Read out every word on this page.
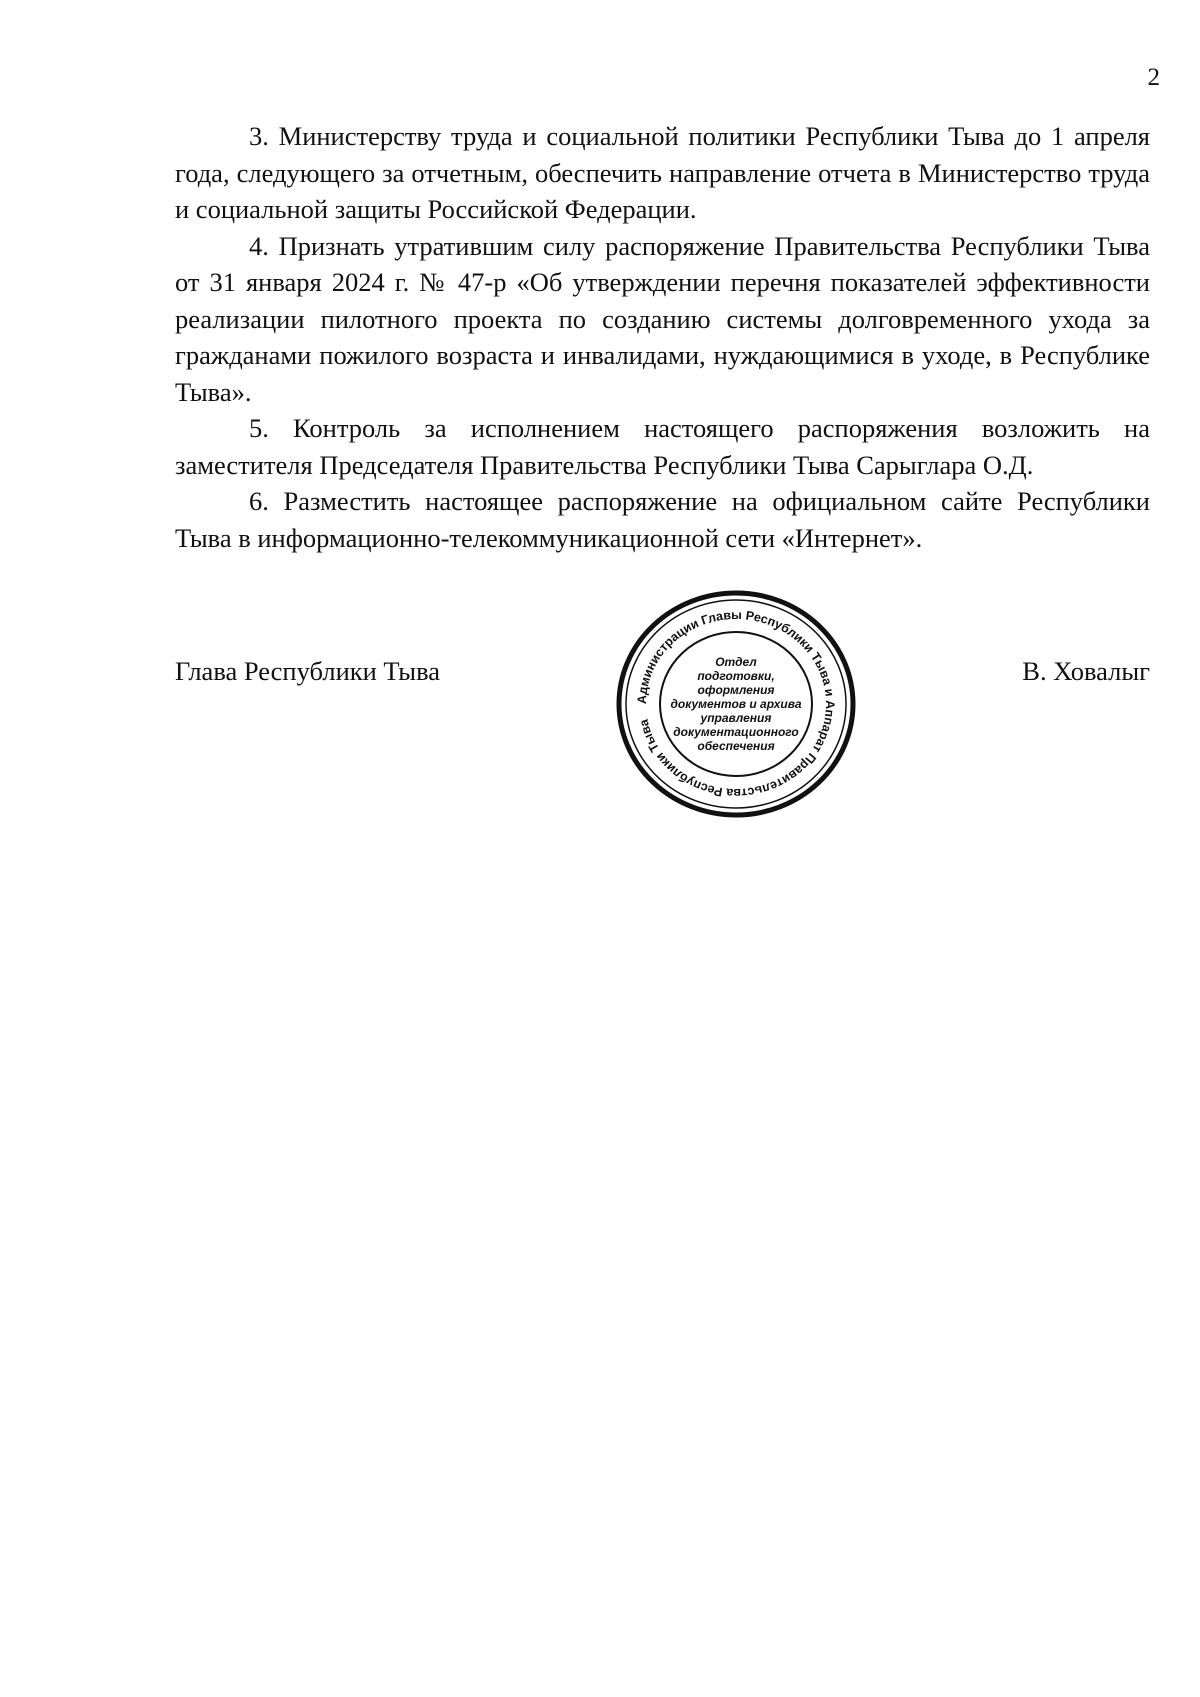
2

3. Министерству труда и социальной политики Республики Тыва до 1 апреля года, следующего за отчетным, обеспечить направление отчета в Министерство труда и социальной защиты Российской Федерации.

4. Признать утратившим силу распоряжение Правительства Республики Тыва от 31 января 2024 г. № 47-р «Об утверждении перечня показателей эффективности реализации пилотного проекта по созданию системы долговременного ухода за гражданами пожилого возраста и инвалидами, нуждающимися в уходе, в Республике Тыва».

5. Контроль за исполнением настоящего распоряжения возложить на заместителя Председателя Правительства Республики Тыва Сарыглара О.Д.

6. Разместить настоящее распоряжение на официальном сайте Республики Тыва в информационно-телекоммуникационной сети «Интернет».

Глава Республики Тыва	В. Ховалыг
Администрации Главы Республики Тыва и Аппарат Правительства Республики Тыва
Отдел
подготовки,
оформления
документов и архива
управления
документационного
обеспечения
